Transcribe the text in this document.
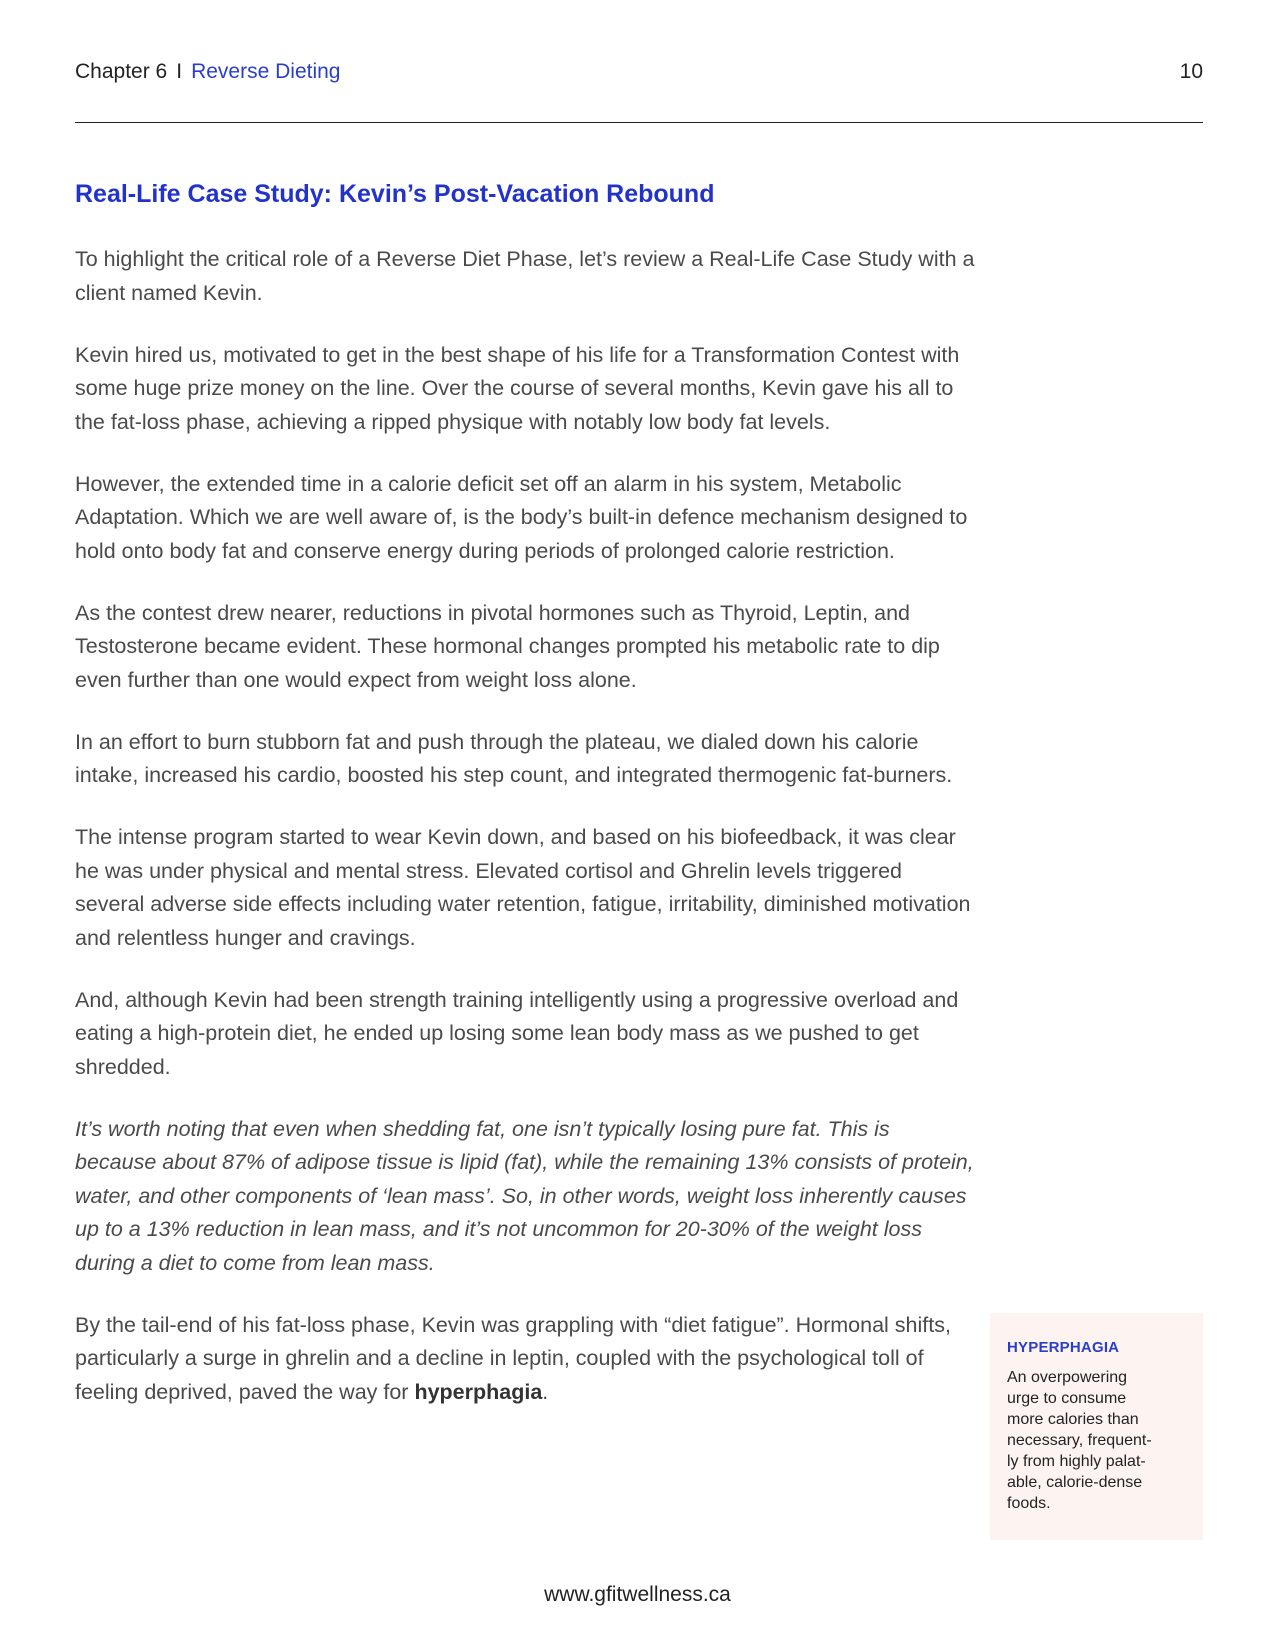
Chapter 6 I Reverse Dieting	10
Real-Life Case Study: Kevin’s Post-Vacation Rebound

To highlight the critical role of a Reverse Diet Phase, let’s review a Real-Life Case Study with a client named Kevin.

Kevin hired us, motivated to get in the best shape of his life for a Transformation Contest with some huge prize money on the line. Over the course of several months, Kevin gave his all to the fat-loss phase, achieving a ripped physique with notably low body fat levels.

However, the extended time in a calorie deficit set off an alarm in his system, Metabolic Adaptation. Which we are well aware of, is the body’s built-in defence mechanism designed to hold onto body fat and conserve energy during periods of prolonged calorie restriction.

As the contest drew nearer, reductions in pivotal hormones such as Thyroid, Leptin, and Testosterone became evident. These hormonal changes prompted his metabolic rate to dip even further than one would expect from weight loss alone.

In an effort to burn stubborn fat and push through the plateau, we dialed down his calorie intake, increased his cardio, boosted his step count, and integrated thermogenic fat-burners.

The intense program started to wear Kevin down, and based on his biofeedback, it was clear he was under physical and mental stress. Elevated cortisol and Ghrelin levels triggered several adverse side effects including water retention, fatigue, irritability, diminished motivation and relentless hunger and cravings.

And, although Kevin had been strength training intelligently using a progressive overload and eating a high-protein diet, he ended up losing some lean body mass as we pushed to get shredded.

It’s worth noting that even when shedding fat, one isn’t typically losing pure fat. This is because about 87% of adipose tissue is lipid (fat), while the remaining 13% consists of protein, water, and other components of ‘lean mass’. So, in other words, weight loss inherently causes up to a 13% reduction in lean mass, and it’s not uncommon for 20-30% of the weight loss during a diet to come from lean mass.

By the tail-end of his fat-loss phase, Kevin was grappling with “diet fatigue”. Hormonal shifts, particularly a surge in ghrelin and a decline in leptin, coupled with the psychological toll of feeling deprived, paved the way for hyperphagia.

HYPERPHAGIA
An overpowering
urge to consume
more calories than
necessary, frequent-
ly from highly palat-
able, calorie-dense
foods.
www.gfitwellness.ca
